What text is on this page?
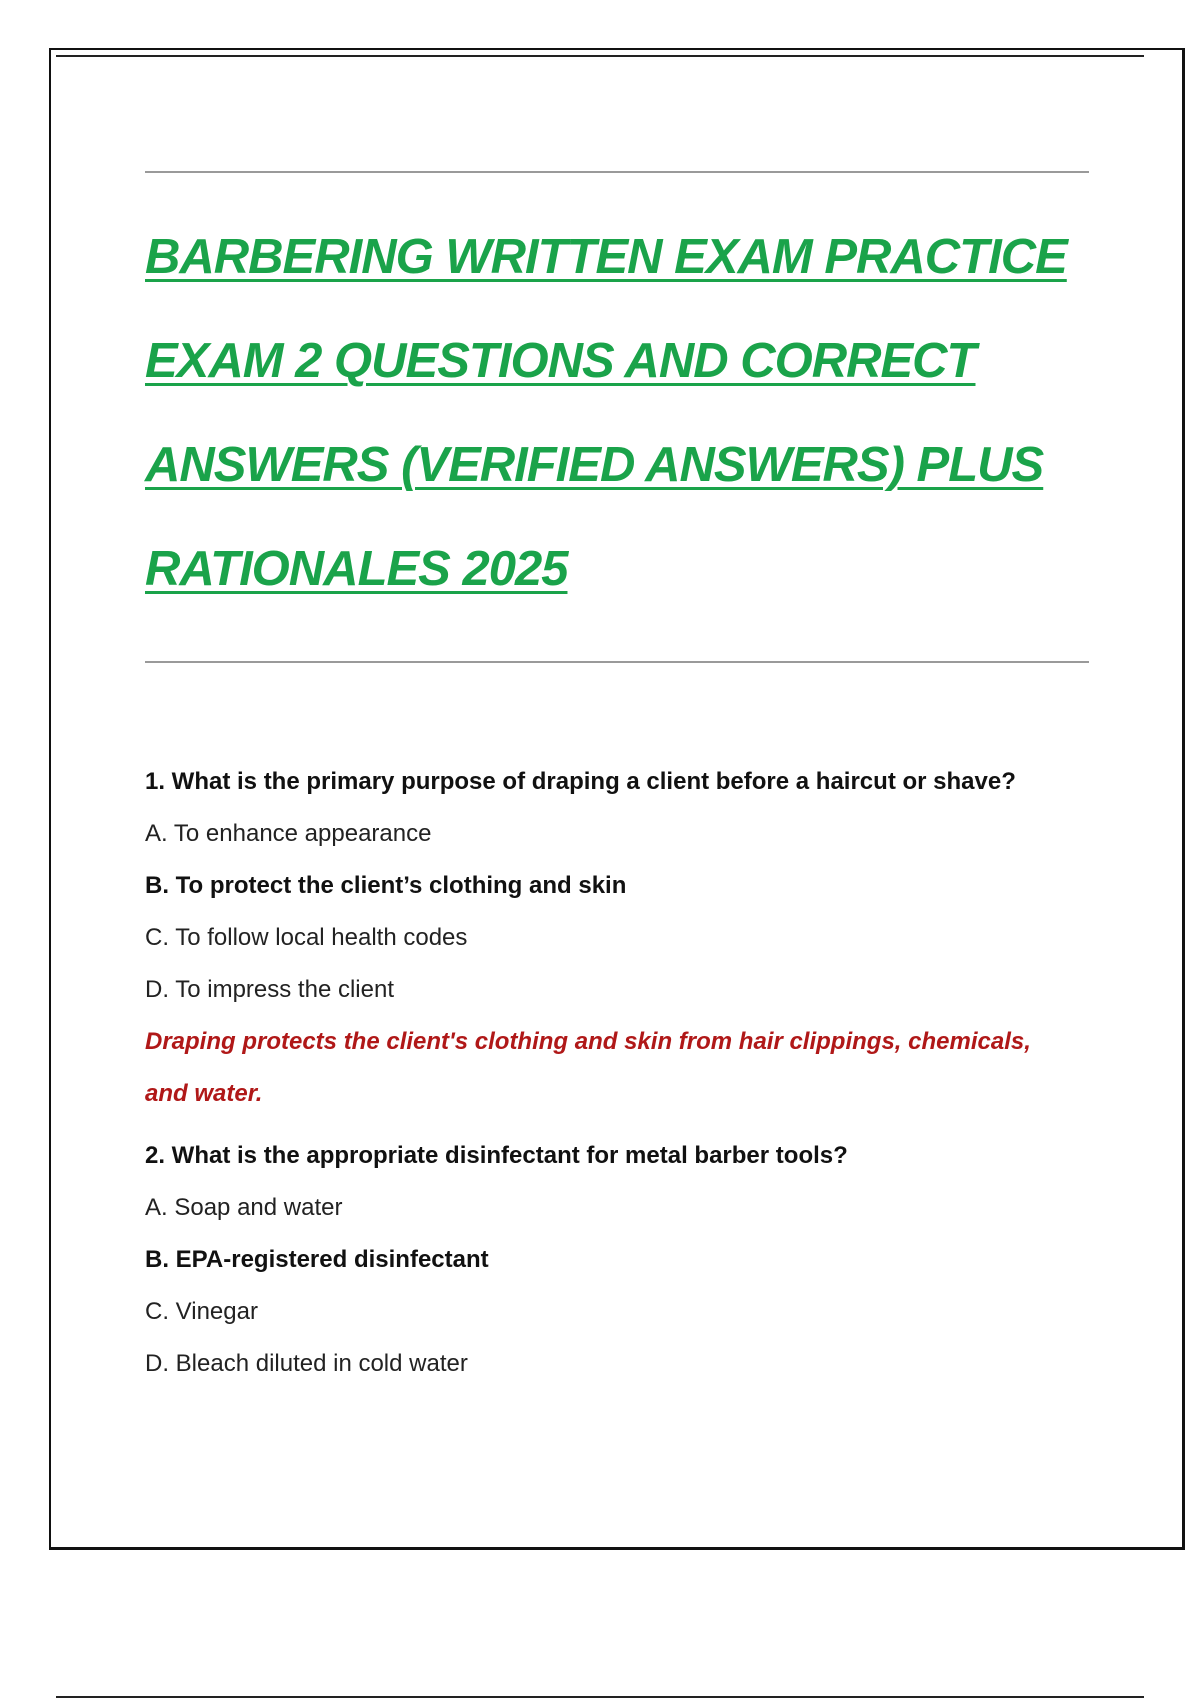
BARBERING WRITTEN EXAM PRACTICE
EXAM 2 QUESTIONS AND CORRECT
ANSWERS (VERIFIED ANSWERS) PLUS
RATIONALES 2025
1. What is the primary purpose of draping a client before a haircut or shave?
A. To enhance appearance
B. To protect the client’s clothing and skin
C. To follow local health codes
D. To impress the client
Draping protects the client's clothing and skin from hair clippings, chemicals,
and water.
2. What is the appropriate disinfectant for metal barber tools?
A. Soap and water
B. EPA-registered disinfectant
C. Vinegar
D. Bleach diluted in cold water
